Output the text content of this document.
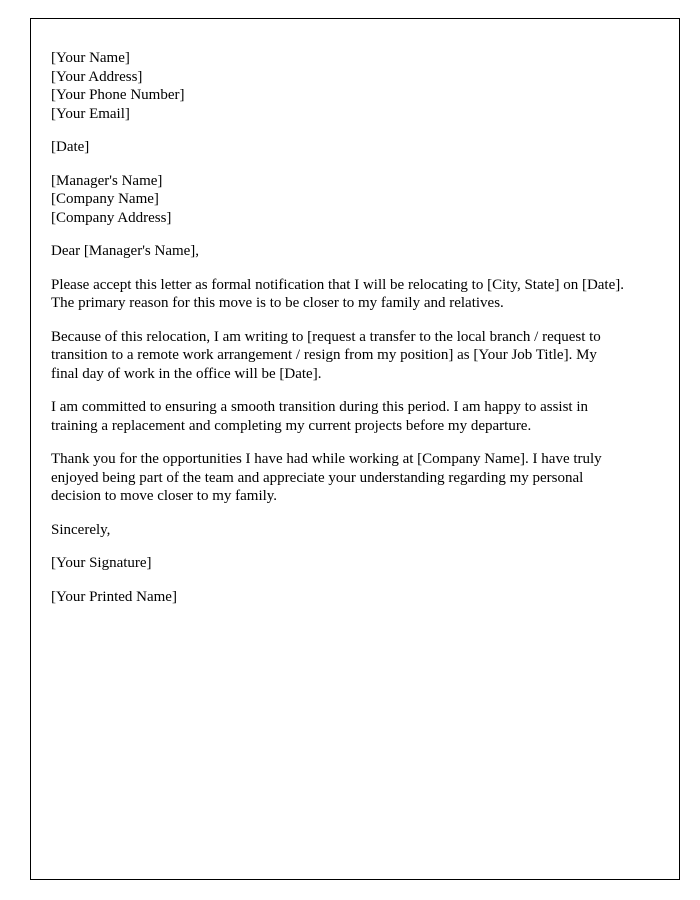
[Your Name]
[Your Address]
[Your Phone Number]
[Your Email]
[Date]
[Manager's Name]
[Company Name]
[Company Address]

Dear [Manager's Name],

Please accept this letter as formal notification that I will be relocating to [City, State] on [Date]. The primary reason for this move is to be closer to my family and relatives.

Because of this relocation, I am writing to [request a transfer to the local branch / request to transition to a remote work arrangement / resign from my position] as [Your Job Title]. My final day of work in the office will be [Date].

I am committed to ensuring a smooth transition during this period. I am happy to assist in training a replacement and completing my current projects before my departure.

Thank you for the opportunities I have had while working at [Company Name]. I have truly enjoyed being part of the team and appreciate your understanding regarding my personal decision to move closer to my family.

Sincerely,

[Your Signature]

[Your Printed Name]
